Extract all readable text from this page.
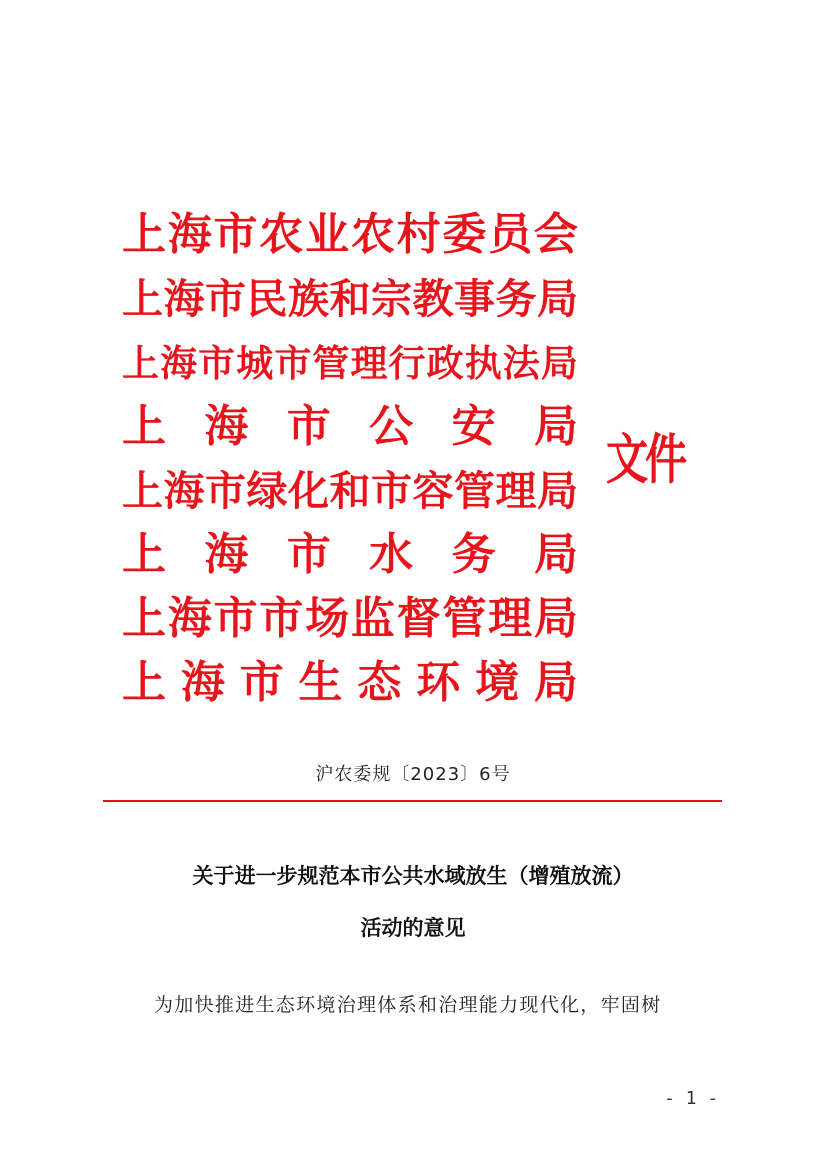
上 海 市 农 业 农 村 委 员 会
上 海 市 民 族 和 宗 教 事 务 局
上 海 市 城 市 管 理 行 政 执 法 局
上 海 市 公 安 局
上 海 市 绿 化 和 市 容 管 理 局
上 海 市 水 务 局
上 海 市 市 场 监 督 管 理 局
上 海 市 生 态 环 境 局
文件
沪农委规〔2023〕6号
关于进一步规范本市公共水域放生（增殖放流）
活动的意见
为加快推进生态环境治理体系和治理能力现代化，牢固树
- 1 -
